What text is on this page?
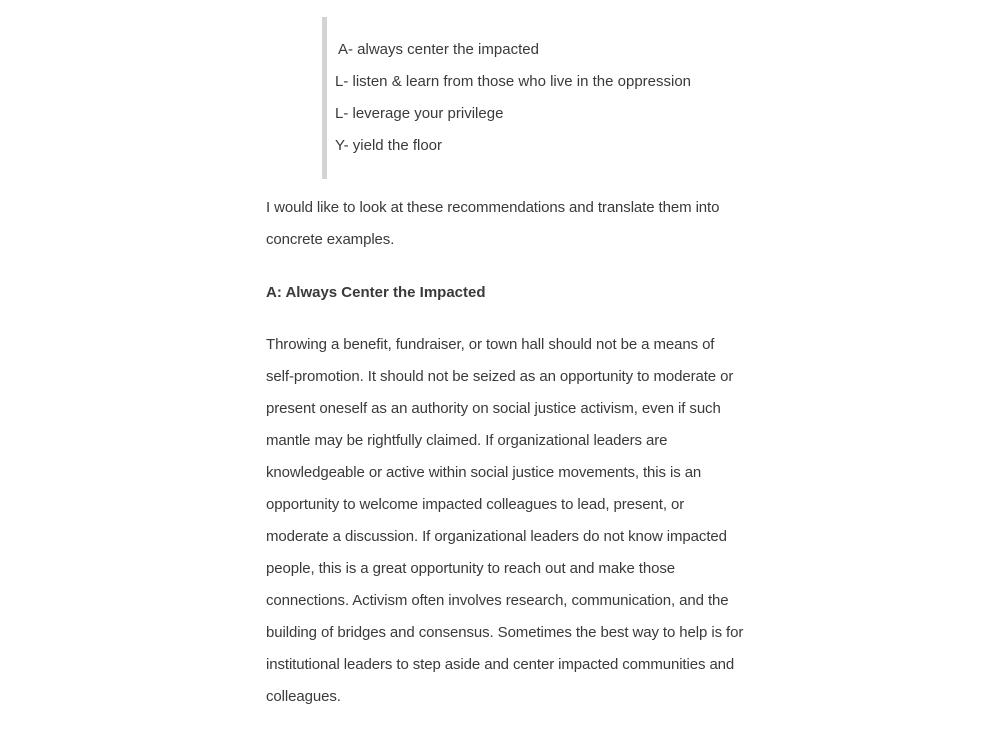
A- always center the impacted
L- listen & learn from those who live in the oppression
L- leverage your privilege
Y- yield the floor

I would like to look at these recommendations and translate them into concrete examples.

A: Always Center the Impacted

Throwing a benefit, fundraiser, or town hall should not be a means of self-promotion. It should not be seized as an opportunity to moderate or present oneself as an authority on social justice activism, even if such mantle may be rightfully claimed. If organizational leaders are knowledgeable or active within social justice movements, this is an opportunity to welcome impacted colleagues to lead, present, or moderate a discussion. If organizational leaders do not know impacted people, this is a great opportunity to reach out and make those connections. Activism often involves research, communication, and the building of bridges and consensus. Sometimes the best way to help is for institutional leaders to step aside and center impacted communities and colleagues.
